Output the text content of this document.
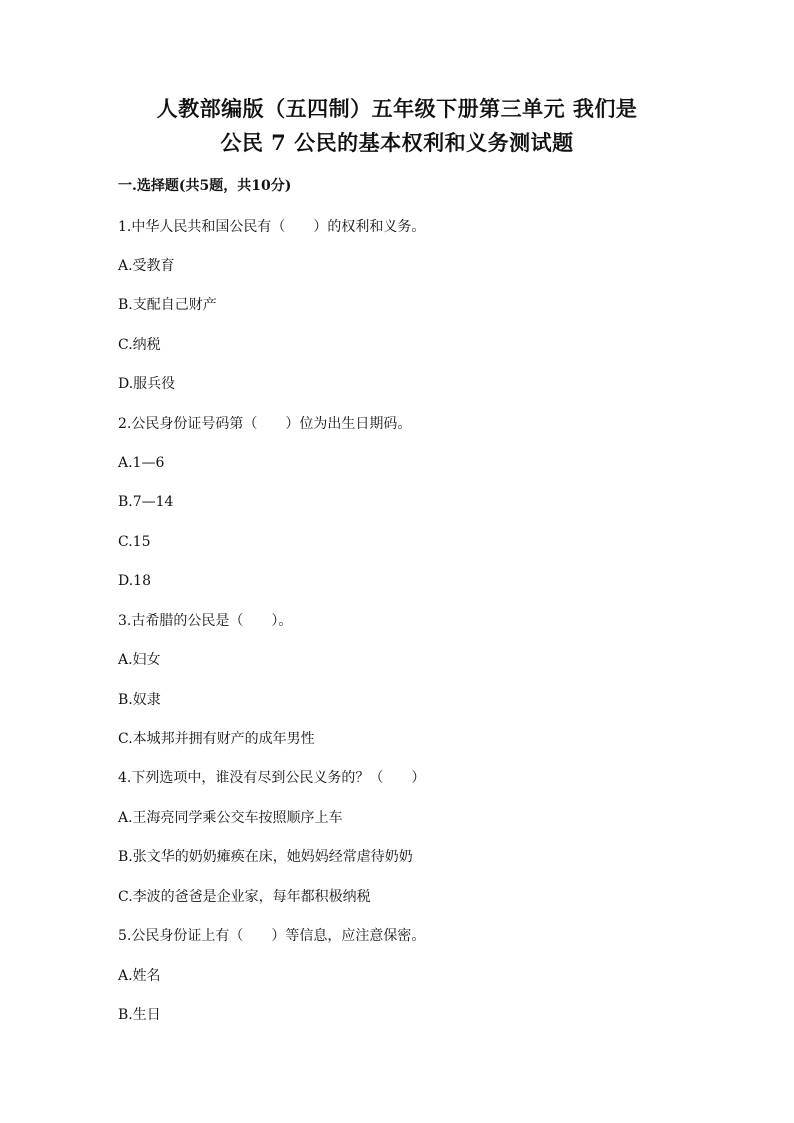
人教部编版（五四制）五年级下册第三单元 我们是
公民 7 公民的基本权利和义务测试题
一.选择题(共5题，共10分)
1.中华人民共和国公民有（　　）的权利和义务。
A.受教育
B.支配自己财产
C.纳税
D.服兵役
2.公民身份证号码第（　　）位为出生日期码。
A.1—6
B.7—14
C.15
D.18
3.古希腊的公民是（　　）。
A.妇女
B.奴隶
C.本城邦并拥有财产的成年男性
4.下列选项中，谁没有尽到公民义务的？（　　）
A.王海亮同学乘公交车按照顺序上车
B.张文华的奶奶瘫痪在床，她妈妈经常虐待奶奶
C.李波的爸爸是企业家，每年都积极纳税
5.公民身份证上有（　　）等信息，应注意保密。
A.姓名
B.生日
